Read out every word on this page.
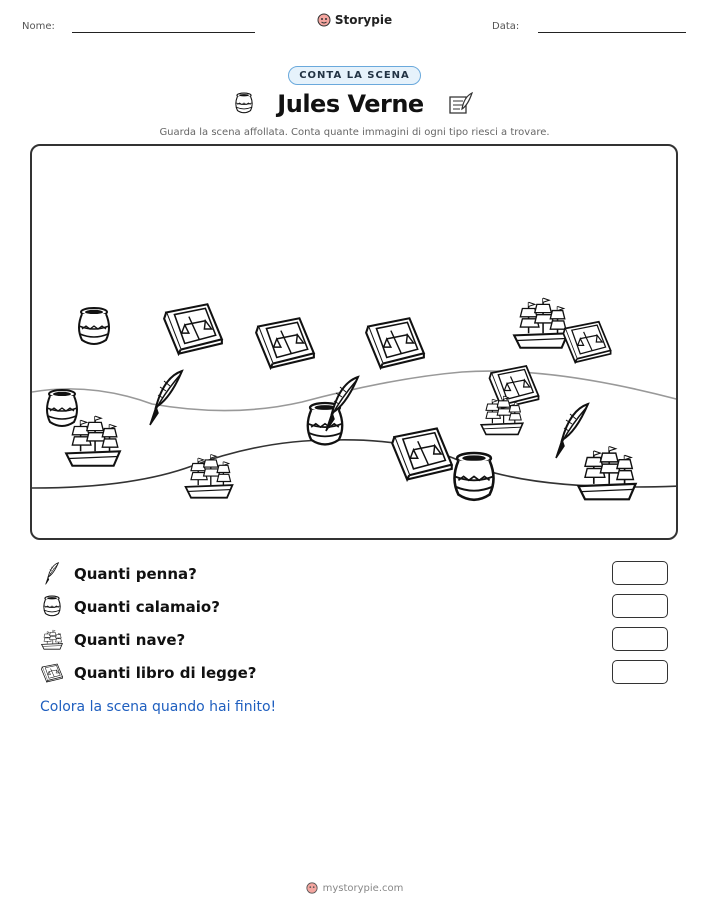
Nome:	Storypie	Data:
CONTA LA SCENA
Jules Verne
Guarda la scena affollata. Conta quante immagini di ogni tipo riesci a trovare.
Quanti penna?
Quanti calamaio?
Quanti nave?
Quanti libro di legge?
Colora la scena quando hai finito!
mystorypie.com
